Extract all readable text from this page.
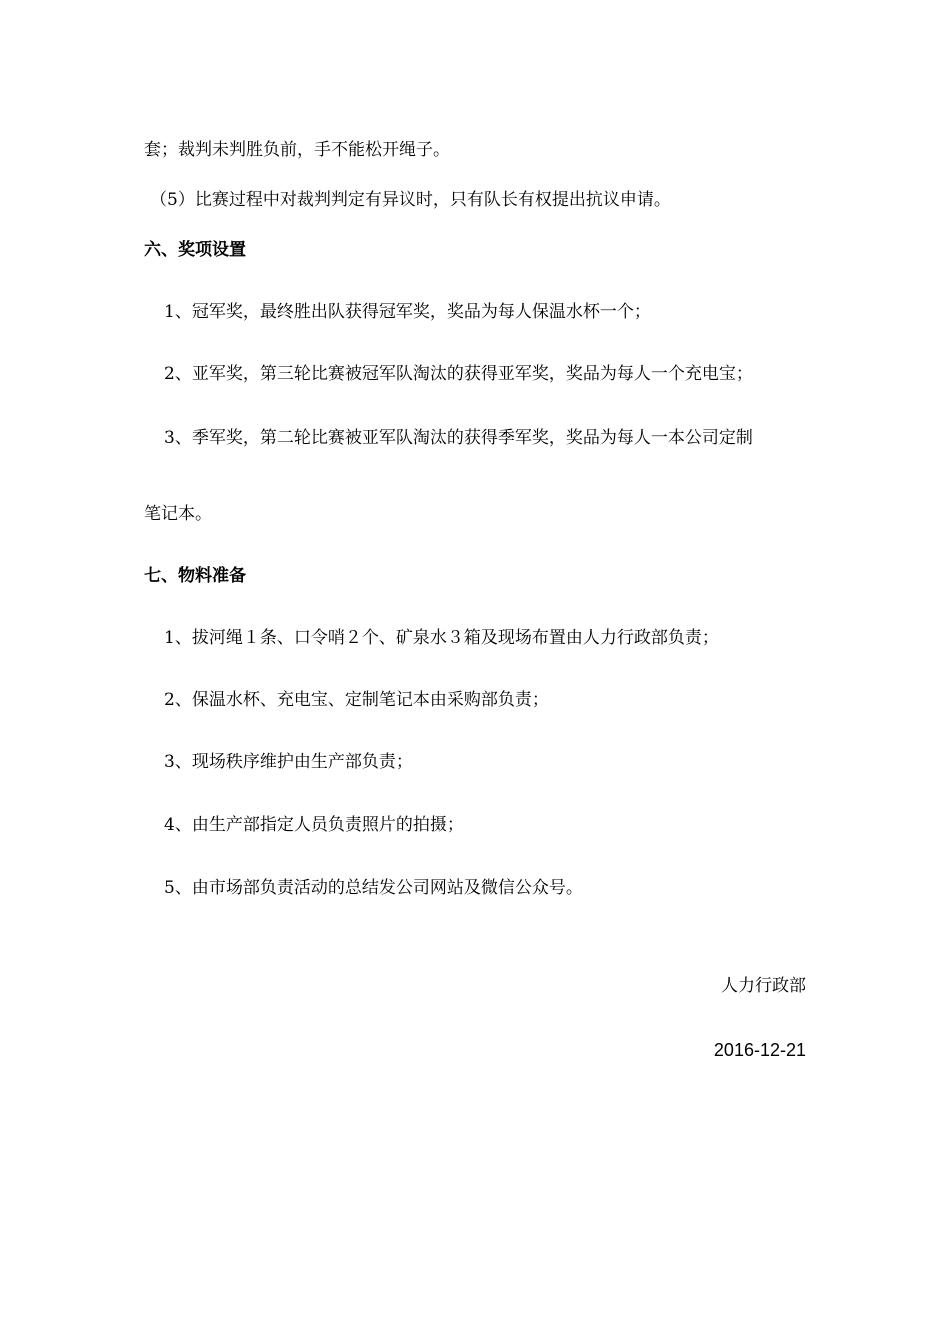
套；裁判未判胜负前，手不能松开绳子。

（5）比赛过程中对裁判判定有异议时，只有队长有权提出抗议申请。

六、奖项设置

1、冠军奖，最终胜出队获得冠军奖，奖品为每人保温水杯一个；

2、亚军奖，第三轮比赛被冠军队淘汰的获得亚军奖，奖品为每人一个充电宝；

3、季军奖，第二轮比赛被亚军队淘汰的获得季军奖，奖品为每人一本公司定制

笔记本。

七、物料准备

1、拔河绳１条、口令哨２个、矿泉水３箱及现场布置由人力行政部负责；

2、保温水杯、充电宝、定制笔记本由采购部负责；

3、现场秩序维护由生产部负责；

4、由生产部指定人员负责照片的拍摄；

5、由市场部负责活动的总结发公司网站及微信公众号。

人力行政部

2016-12-21
